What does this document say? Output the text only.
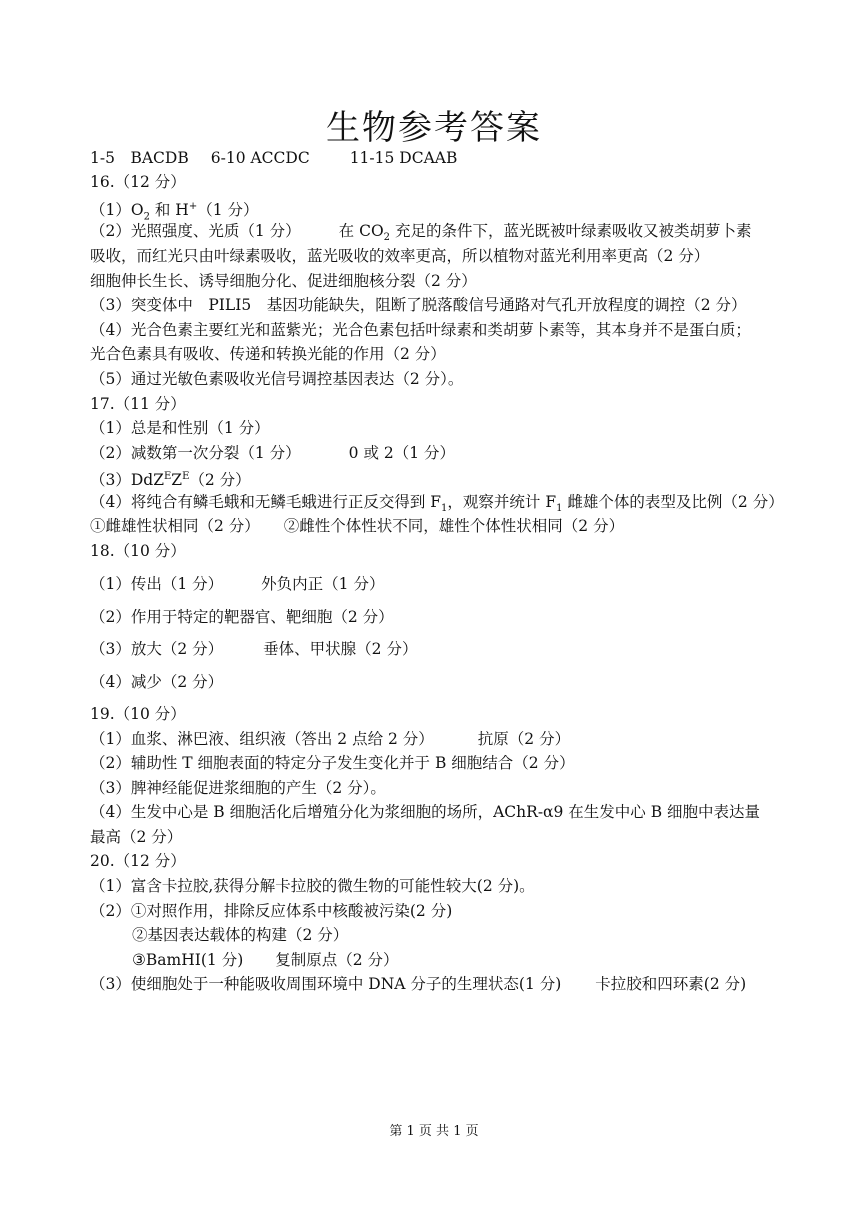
生物参考答案
1-5　BACDB 6-10 ACCDC	11-15 DCAAB
16.（12 分）
$(1)O_2$ 和 H+（1 分）
（2）光照强度、光质（1 分） 在 $CO_2$ 充足的条件下，蓝光既被叶绿素吸收又被类胡萝卜素
吸收，而红光只由叶绿素吸收，蓝光吸收的效率更高，所以植物对蓝光利用率更高（2 分）
细胞伸长生长、诱导细胞分化、促进细胞核分裂（2 分）
（3）突变体中　PILI5　基因功能缺失，阻断了脱落酸信号通路对气孔开放程度的调控（2 分）
（4）光合色素主要红光和蓝紫光；光合色素包括叶绿素和类胡萝卜素等，其本身并不是蛋白质；
光合色素具有吸收、传递和转换光能的作用（2 分）
（5）通过光敏色素吸收光信号调控基因表达（2 分）。
17.（11 分）
（1）总是和性别（1 分）
（2）减数第一次分裂（1 分）	0 或 2（1 分）
$(3)DdZ^EZ^E(2$ 分）
（4）将纯合有鳞毛蛾和无鳞毛蛾进行正反交得到 $F_1$，观察并统计 $F_1$ 雌雄个体的表型及比例（2 分）
①雌雄性状相同（2 分） ②雌性个体性状不同，雄性个体性状相同（2 分）
18.（10 分）
（1）传出（1 分） 外负内正（1 分）
（2）作用于特定的靶器官、靶细胞（2 分）
（3）放大（2 分）	垂体、甲状腺（2 分）
（4）减少（2 分）
19.（10 分）
（1）血浆、淋巴液、组织液（答出 2 点给 2 分）	抗原（2 分）
（2）辅助性 T 细胞表面的特定分子发生变化并于 B 细胞结合（2 分）
（3）脾神经能促进浆细胞的产生（2 分）。
（4）生发中心是 B 细胞活化后增殖分化为浆细胞的场所，AChR-α9 在生发中心 B 细胞中表达量
最高（2 分）
20.（12 分）
（1）富含卡拉胶,获得分解卡拉胶的微生物的可能性较大(2 分)。
（2）①对照作用，排除反应体系中核酸被污染(2 分)
②基因表达载体的构建（2 分）
③BamHI(1 分) 复制原点（2 分）
（3）使细胞处于一种能吸收周围环境中 DNA 分子的生理状态(1 分) 卡拉胶和四环素(2 分)
第 1 页 共 1 页
